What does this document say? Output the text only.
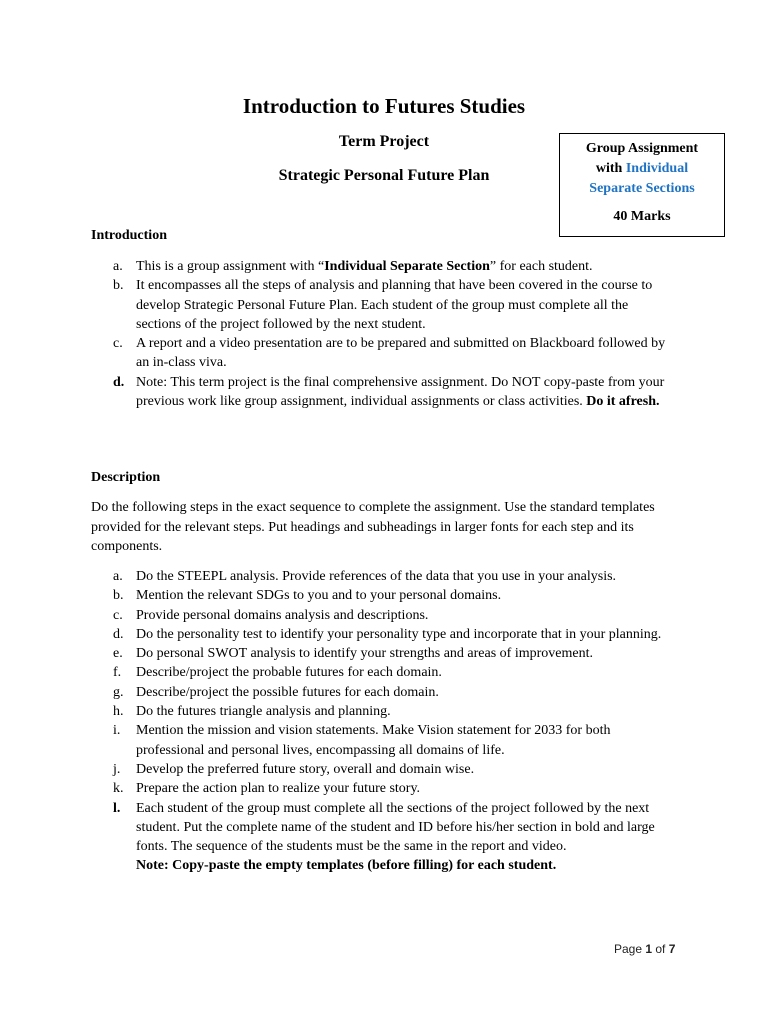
Introduction to Futures Studies
Term Project
Strategic Personal Future Plan
Group Assignment
with Individual
Separate Sections
40 Marks
Introduction
a. This is a group assignment with “Individual Separate Section” for each student.
b. It encompasses all the steps of analysis and planning that have been covered in the course to develop Strategic Personal Future Plan. Each student of the group must complete all the sections of the project followed by the next student.
c. A report and a video presentation are to be prepared and submitted on Blackboard followed by an in-class viva.
d. Note: This term project is the final comprehensive assignment. Do NOT copy-paste from your previous work like group assignment, individual assignments or class activities. Do it afresh.
Description
Do the following steps in the exact sequence to complete the assignment. Use the standard templates provided for the relevant steps. Put headings and subheadings in larger fonts for each step and its components.
a. Do the STEEPL analysis. Provide references of the data that you use in your analysis.
b. Mention the relevant SDGs to you and to your personal domains.
c. Provide personal domains analysis and descriptions.
d. Do the personality test to identify your personality type and incorporate that in your planning.
e. Do personal SWOT analysis to identify your strengths and areas of improvement.
f. Describe/project the probable futures for each domain.
g. Describe/project the possible futures for each domain.
h. Do the futures triangle analysis and planning.
i. Mention the mission and vision statements. Make Vision statement for 2033 for both professional and personal lives, encompassing all domains of life.
j. Develop the preferred future story, overall and domain wise.
k. Prepare the action plan to realize your future story.
l. Each student of the group must complete all the sections of the project followed by the next student. Put the complete name of the student and ID before his/her section in bold and large fonts. The sequence of the students must be the same in the report and video.
Note: Copy-paste the empty templates (before filling) for each student.
Page 1 of 7
